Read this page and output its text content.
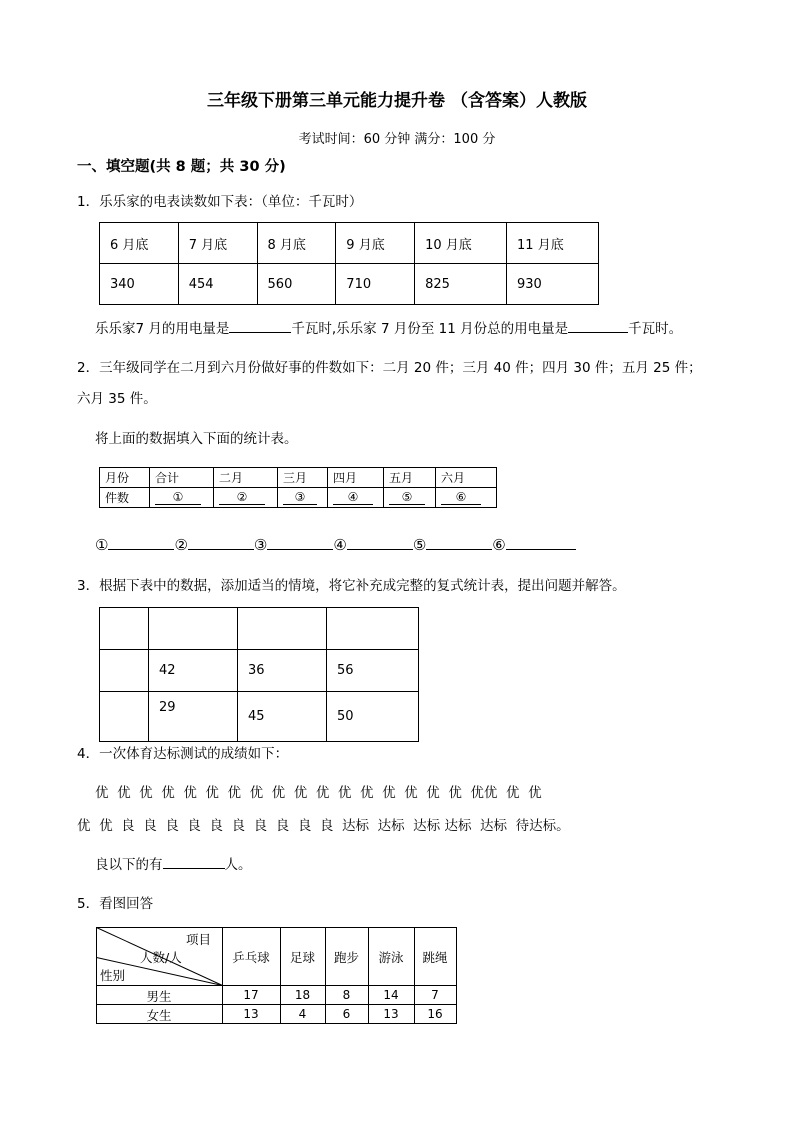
三年级下册第三单元能力提升卷 （含答案）人教版
考试时间：60 分钟 满分：100 分
一、填空题(共 8 题；共 30 分)
1．乐乐家的电表读数如下表：（单位：千瓦时）
6 月底	7 月底	8 月底	9 月底	10 月底	11 月底
340	454	560	710	825	930
乐乐家7 月的用电量是	千瓦时,乐乐家 7 月份至 11 月份总的用电量是	千瓦时。
2．三年级同学在二月到六月份做好事的件数如下：二月 20 件；三月 40 件；四月 30 件；五月 25 件；
六月 35 件。
将上面的数据填入下面的统计表。
月份	合计	二月	三月	四月	五月	六月
件数	①	②	③	④	⑤	⑥
①	②	③	④	⑤	⑥
3．根据下表中的数据，添加适当的情境，将它补充成完整的复式统计表，提出问题并解答。

	42	36	56
	29	45	50
4．一次体育达标测试的成绩如下：
优  优  优  优  优  优  优  优  优  优  优  优  优  优  优  优  优  优优  优  优
优  优  良  良  良  良  良  良  良  良  良  良  达标  达标  达标 达标  达标  待达标。
良以下的有	人。
5．看图回答
项目
人数/人
性别
乒乓球	足球	跑步	游泳	跳绳
男生	17	18	8	14	7
女生	13	4	6	13	16
